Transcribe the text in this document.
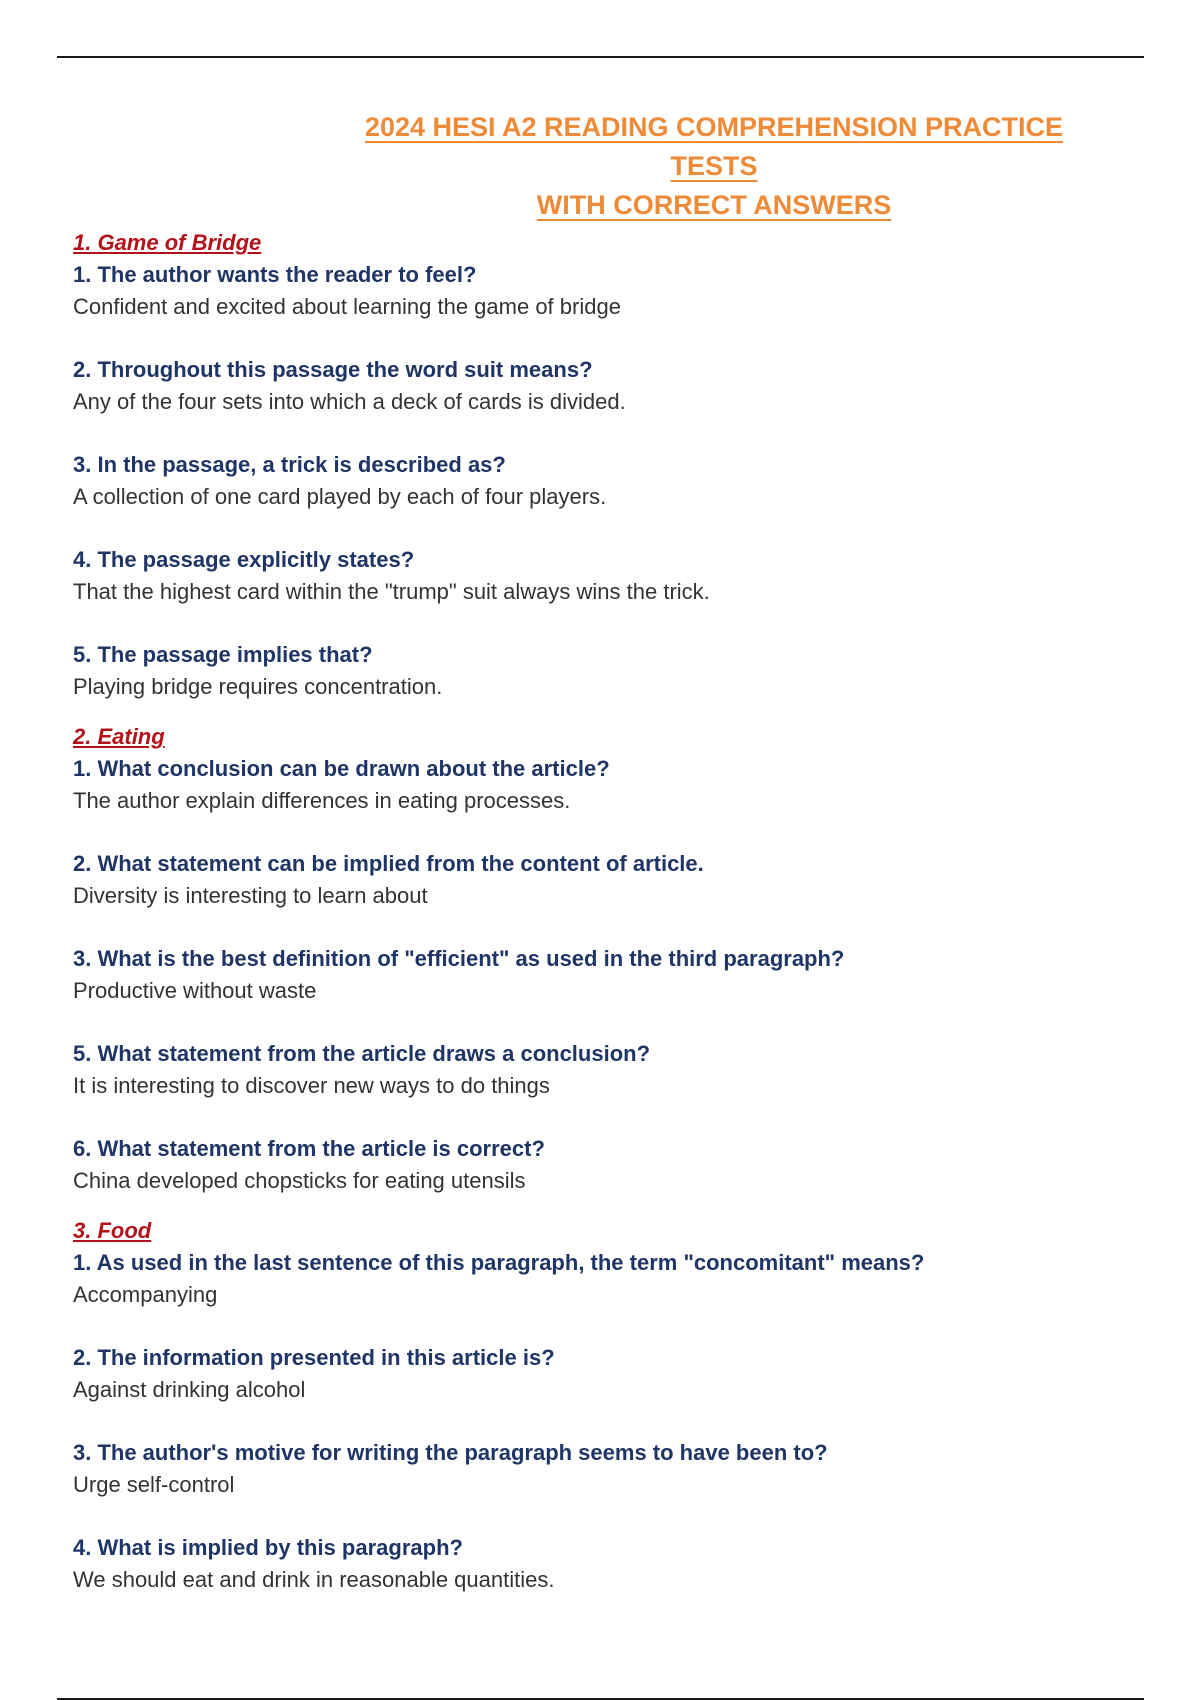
2024 HESI A2 READING COMPREHENSION PRACTICE TESTS
WITH CORRECT ANSWERS

1. Game of Bridge

1. The author wants the reader to feel?

Confident and excited about learning the game of bridge

2. Throughout this passage the word suit means?

Any of the four sets into which a deck of cards is divided.

3. In the passage, a trick is described as?

A collection of one card played by each of four players.

4. The passage explicitly states?

That the highest card within the "trump" suit always wins the trick.

5. The passage implies that?

Playing bridge requires concentration.

2. Eating

1. What conclusion can be drawn about the article?

The author explain differences in eating processes.

2. What statement can be implied from the content of article.

Diversity is interesting to learn about

3. What is the best definition of "efficient" as used in the third paragraph?

Productive without waste

5. What statement from the article draws a conclusion?

It is interesting to discover new ways to do things

6. What statement from the article is correct?

China developed chopsticks for eating utensils

3. Food

1. As used in the last sentence of this paragraph, the term "concomitant" means?

Accompanying

2. The information presented in this article is?

Against drinking alcohol

3. The author's motive for writing the paragraph seems to have been to?

Urge self-control

4. What is implied by this paragraph?

We should eat and drink in reasonable quantities.
